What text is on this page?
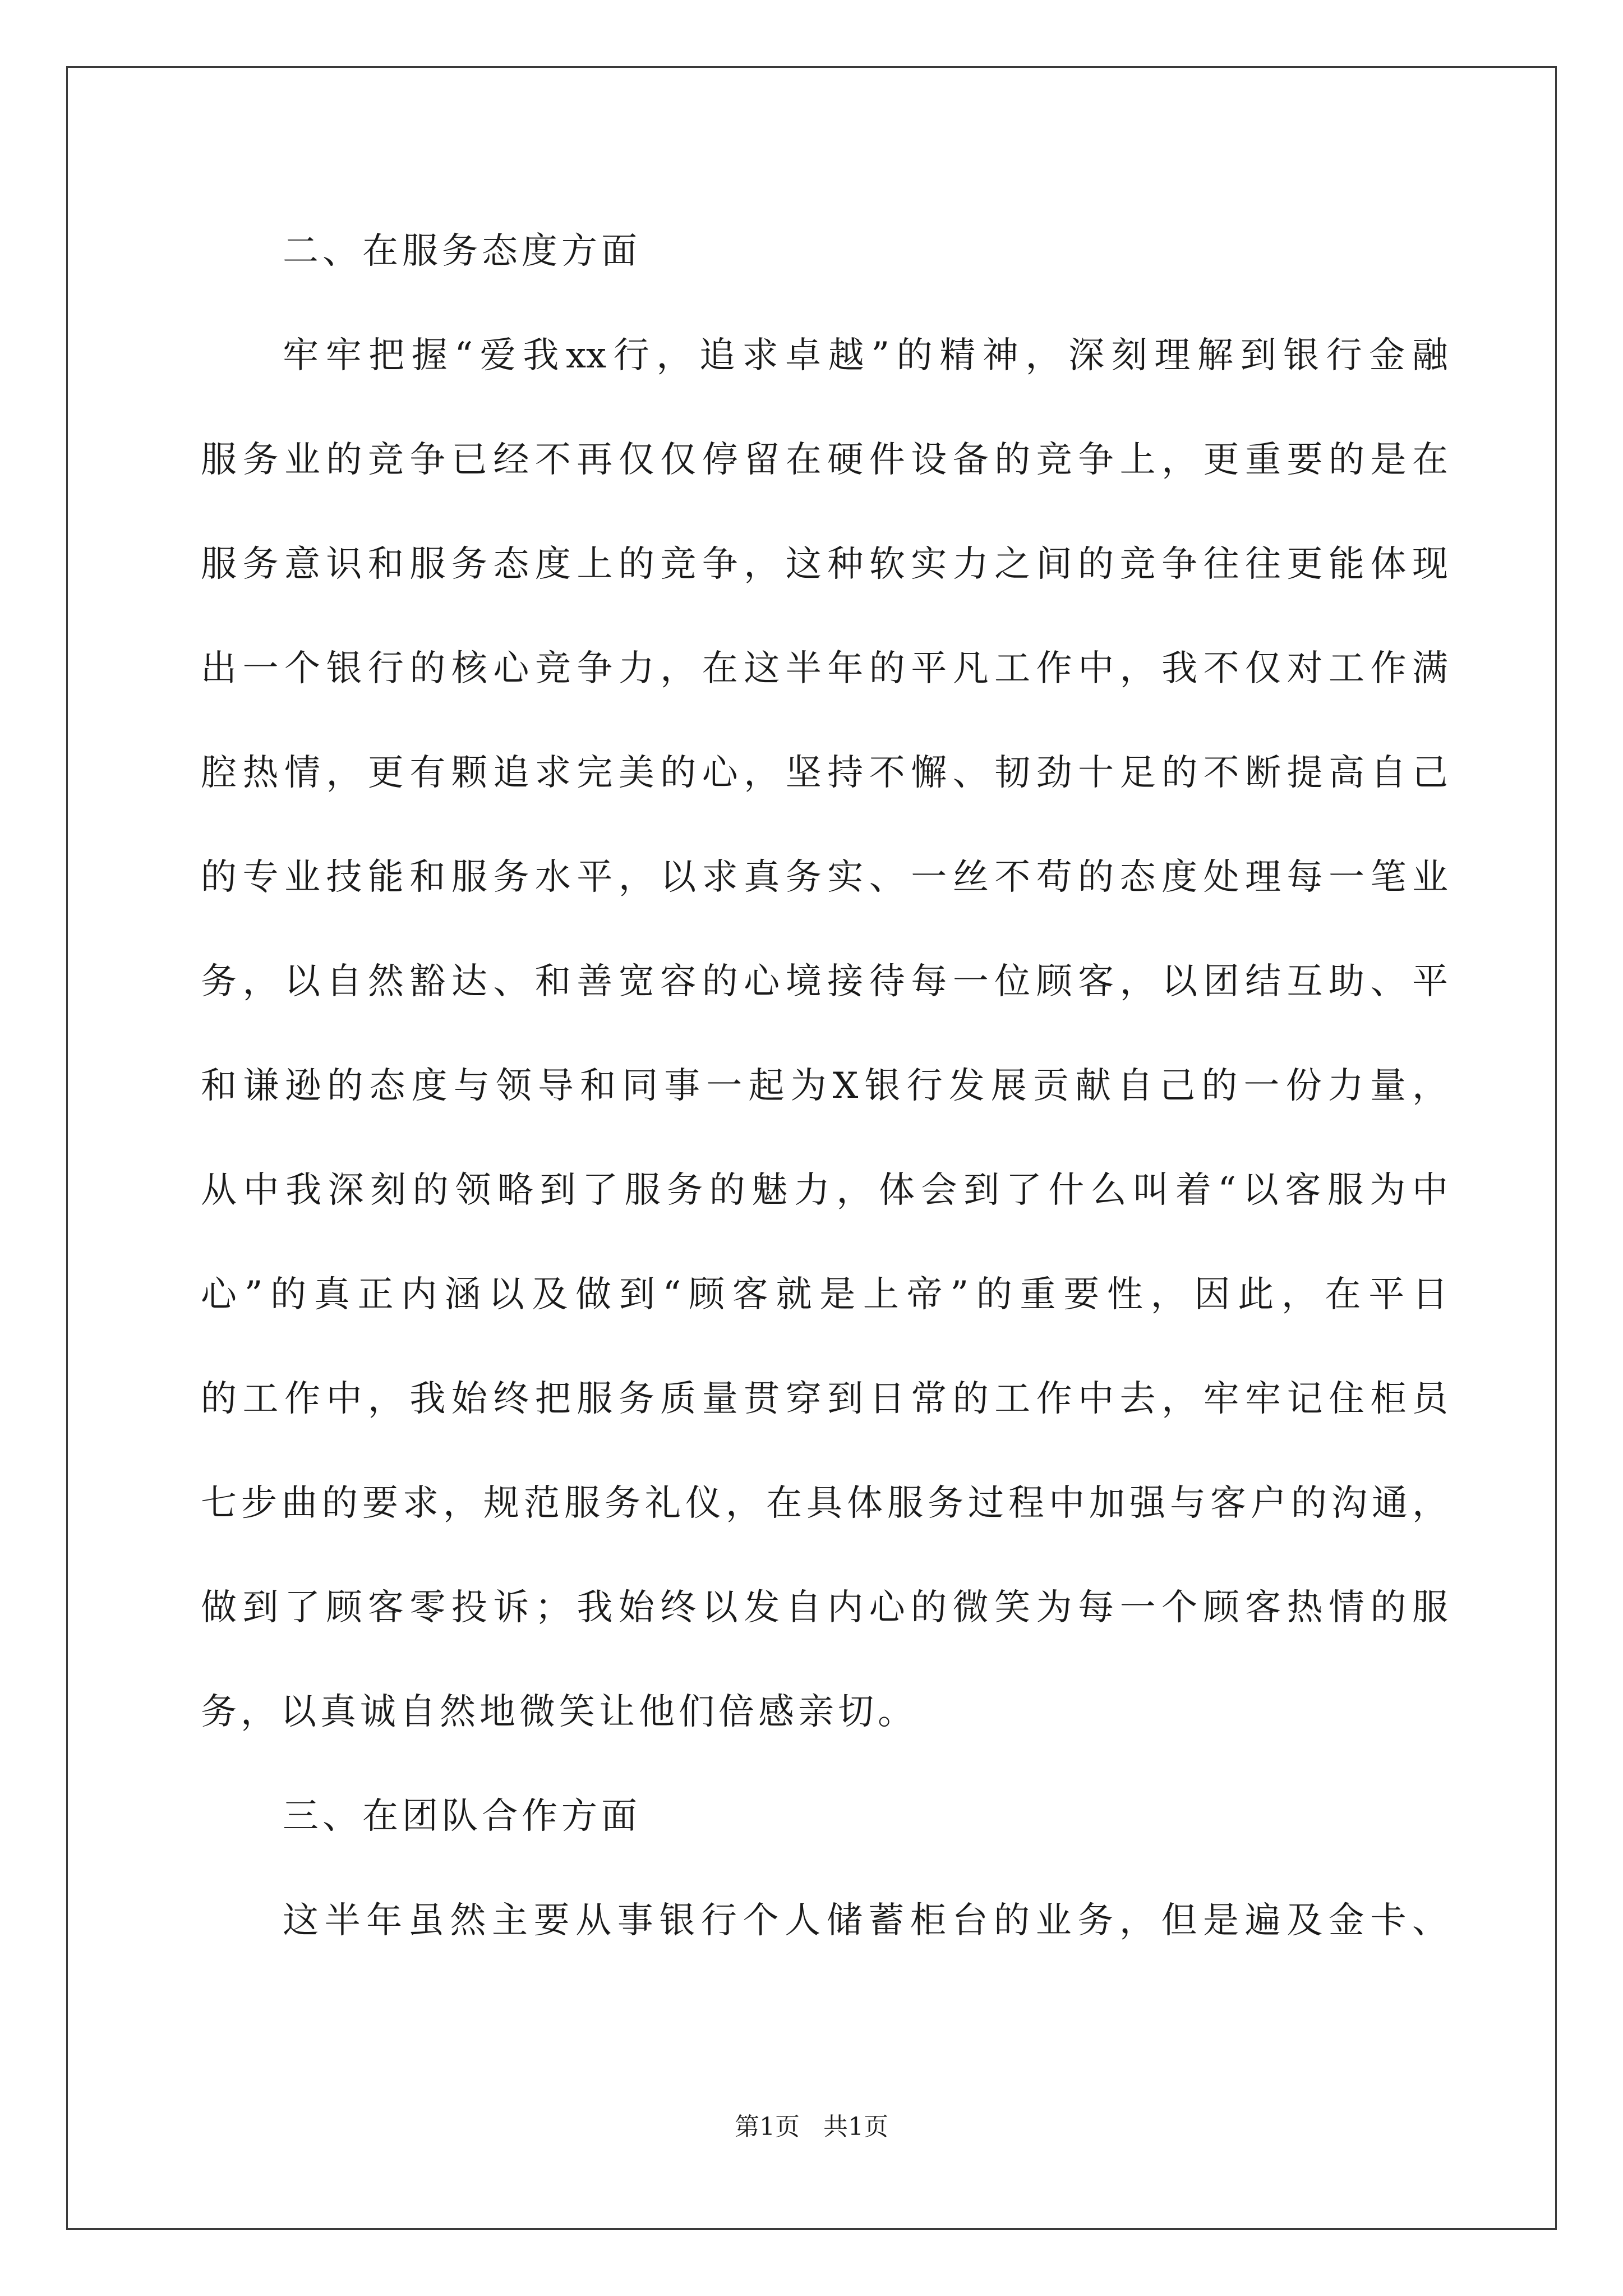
二、在服务态度方面
牢牢把握“爱我xx行，追求卓越”的精神，深刻理解到银行金融
服务业的竞争已经不再仅仅停留在硬件设备的竞争上，更重要的是在
服务意识和服务态度上的竞争，这种软实力之间的竞争往往更能体现
出一个银行的核心竞争力，在这半年的平凡工作中，我不仅对工作满
腔热情，更有颗追求完美的心，坚持不懈、韧劲十足的不断提高自己
的专业技能和服务水平，以求真务实、一丝不苟的态度处理每一笔业
务，以自然豁达、和善宽容的心境接待每一位顾客，以团结互助、平
和谦逊的态度与领导和同事一起为X银行发展贡献自己的一份力量，
从中我深刻的领略到了服务的魅力，体会到了什么叫着“以客服为中
心”的真正内涵以及做到“顾客就是上帝”的重要性，因此，在平日
的工作中，我始终把服务质量贯穿到日常的工作中去，牢牢记住柜员
七步曲的要求，规范服务礼仪，在具体服务过程中加强与客户的沟通，
做到了顾客零投诉；我始终以发自内心的微笑为每一个顾客热情的服
务，以真诚自然地微笑让他们倍感亲切。
三、在团队合作方面
这半年虽然主要从事银行个人储蓄柜台的业务，但是遍及金卡、
第1页   共1页
